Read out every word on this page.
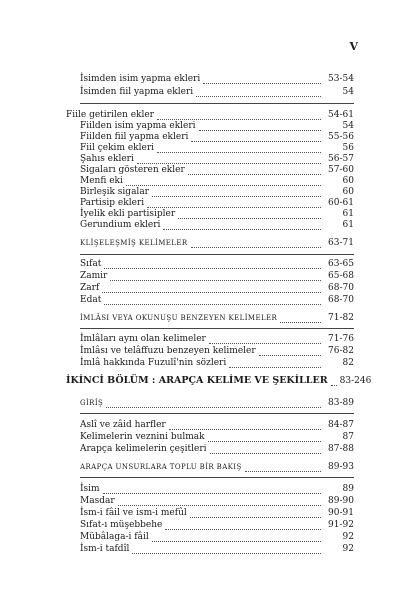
V
İsimden isim yapma ekleri	53-54
İsimden fiil yapma ekleri	54
Fiile getirilen ekler	54-61
Fiilden isim yapma ekleri	54
Fiilden fiil yapma ekleri	55-56
Fiil çekim ekleri	56
Şahıs ekleri	56-57
Sigaları gösteren ekler	57-60
Menfi eki	60
Birleşik sigalar	60
Partisip ekleri	60-61
İyelik ekli partisipler	61
Gerundium ekleri	61
KLİŞELEŞMİŞ KELİMELER	63-71
Sıfat	63-65
Zamir	65-68
Zarf	68-70
Edat	68-70
İMLÂSI VEYA OKUNUŞU BENZEYEN KELİMELER	71-82
İmlâları aynı olan kelimeler	71-76
İmlâsı ve telâffuzu benzeyen kelimeler	76-82
İmlâ hakkında Fuzulî'nin sözleri	82
İKİNCİ BÖLÜM : ARAPÇA KELİME VE ŞEKİLLER 83-246
GİRİŞ	83-89
Aslî ve zâid harfler	84-87
Kelimelerin veznini bulmak	87
Arapça kelimelerin çeşitleri	87-88
ARAPÇA UNSURLARA TOPLU BİR BAKIŞ	89-93
İsim	89
Masdar	89-90
İsm-i fâil ve ism-i mefûl	90-91
Sıfat-ı müşebbehe	91-92
Mübâlaga-i fâil	92
İsm-i tafdîl	92
